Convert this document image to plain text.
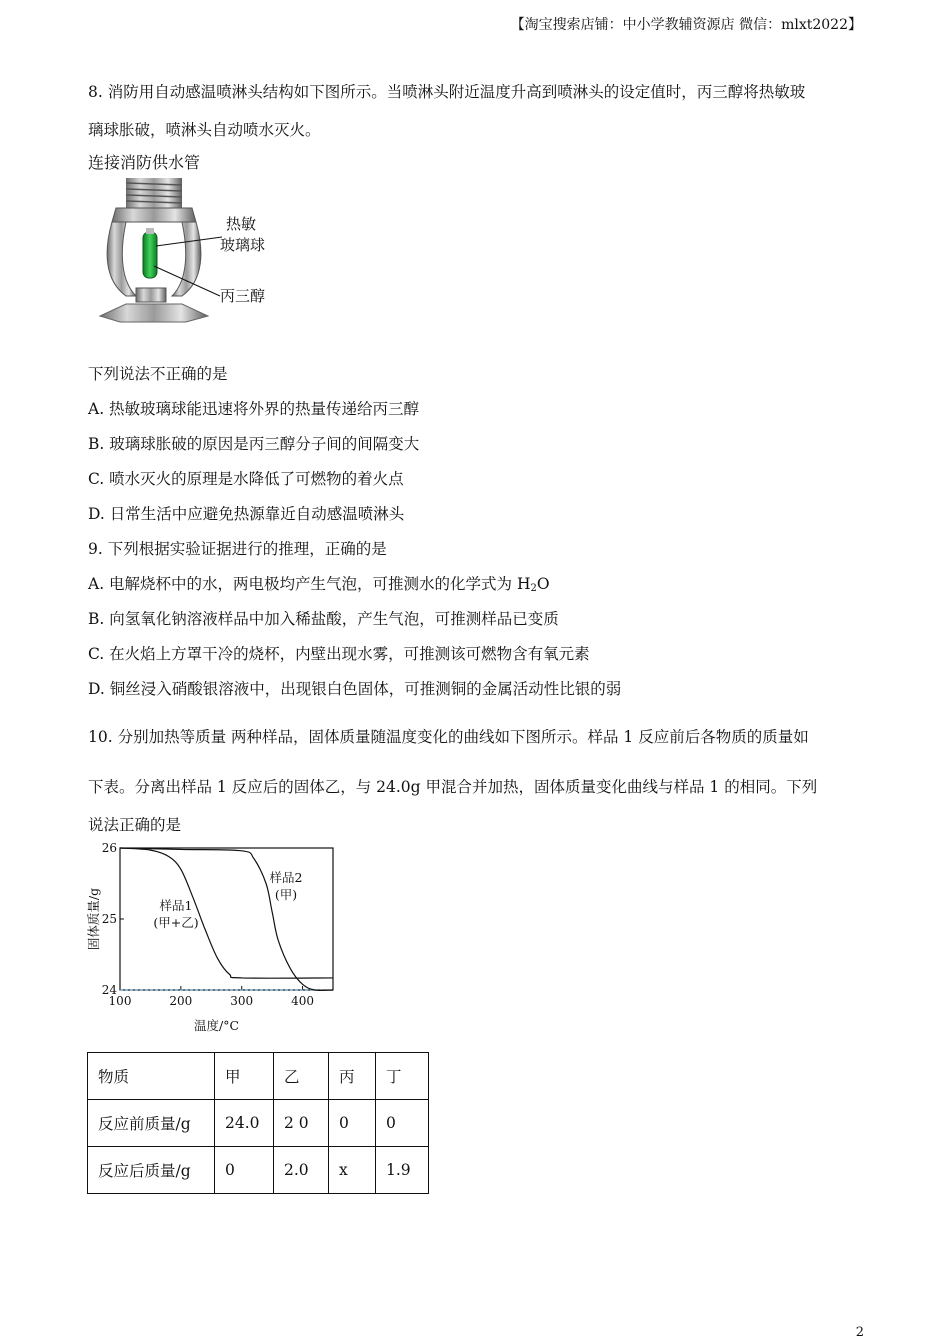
【淘宝搜索店铺：中小学教辅资源店 微信：mlxt2022】
8. 消防用自动感温喷淋头结构如下图所示。当喷淋头附近温度升高到喷淋头的设定值时，丙三醇将热敏玻
璃球胀破，喷淋头自动喷水灭火。
连接消防供水管
热敏
玻璃球
丙三醇
下列说法不正确的是
A. 热敏玻璃球能迅速将外界的热量传递给丙三醇
B. 玻璃球胀破的原因是丙三醇分子间的间隔变大
C. 喷水灭火的原理是水降低了可燃物的着火点
D. 日常生活中应避免热源靠近自动感温喷淋头
9. 下列根据实验证据进行的推理，正确的是
A. 电解烧杯中的水，两电极均产生气泡，可推测水的化学式为 $H_2O$
B. 向氢氧化钠溶液样品中加入稀盐酸，产生气泡，可推测样品已变质
C. 在火焰上方罩干冷的烧杯，内壁出现水雾，可推测该可燃物含有氧元素
D. 铜丝浸入硝酸银溶液中，出现银白色固体，可推测铜的金属活动性比银的弱
10. 分别加热等质量 两种样品，固体质量随温度变化的曲线如下图所示。样品 1 反应前后各物质的质量如
下表。分离出样品 1 反应后的固体乙，与 24.0g 甲混合并加热，固体质量变化曲线与样品 1 的相同。下列
说法正确的是
100	200	300	400
24
25
26
温度/°C
固体质量/g	样品1
(甲+乙)
样品2
(甲)
物质	甲	乙	丙	丁
反应前质量/g	24.0	2 0	0	0
反应后质量/g	0	2.0	x	1.9
2
